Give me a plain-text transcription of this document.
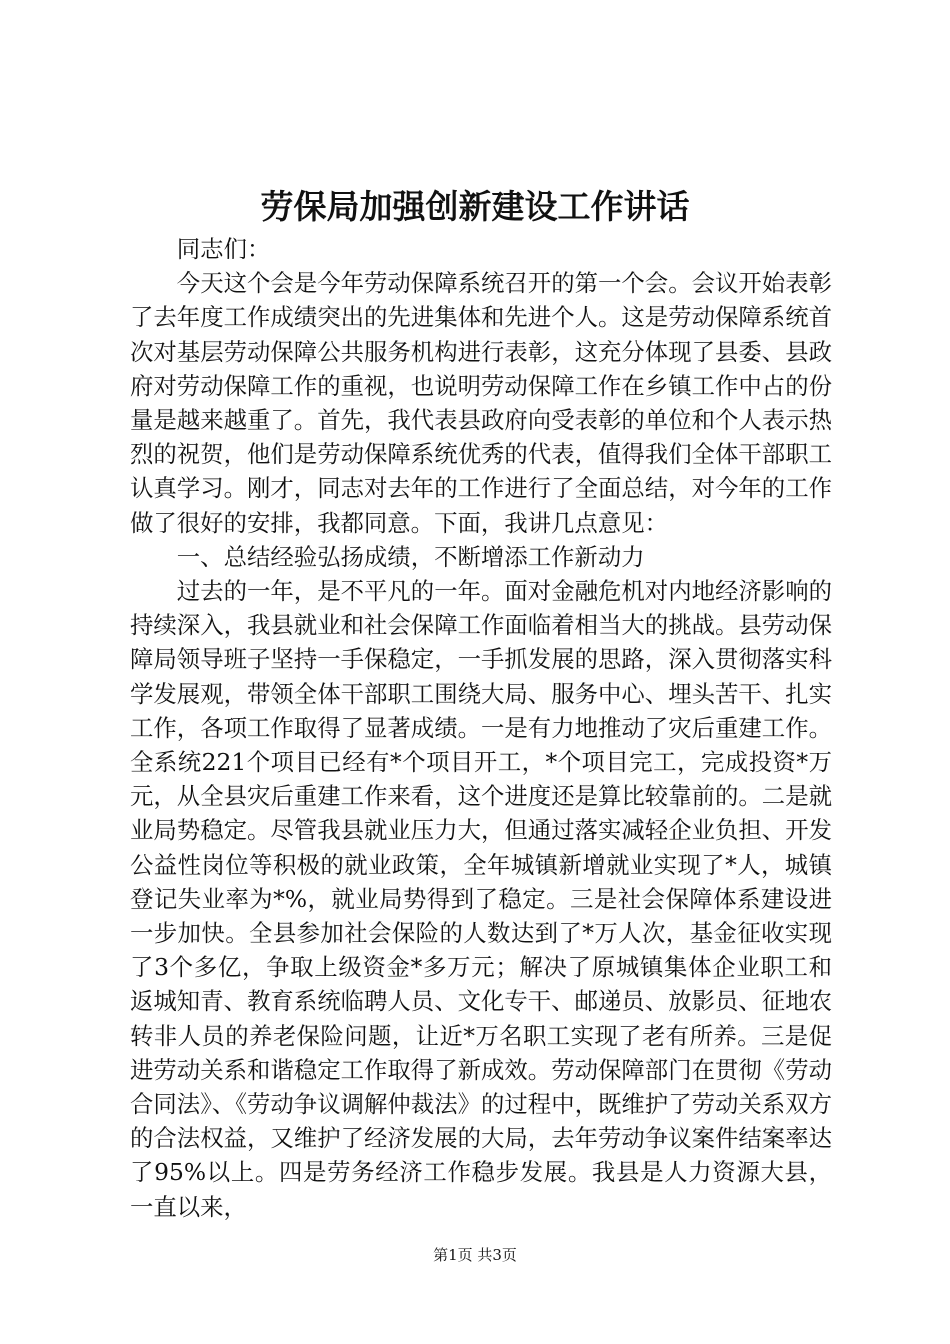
劳保局加强创新建设工作讲话

同志们：

今天这个会是今年劳动保障系统召开的第一个会。会议开始表彰了去年度工作成绩突出的先进集体和先进个人。这是劳动保障系统首次对基层劳动保障公共服务机构进行表彰，这充分体现了县委、县政府对劳动保障工作的重视，也说明劳动保障工作在乡镇工作中占的份量是越来越重了。首先，我代表县政府向受表彰的单位和个人表示热烈的祝贺，他们是劳动保障系统优秀的代表，值得我们全体干部职工认真学习。刚才，同志对去年的工作进行了全面总结，对今年的工作做了很好的安排，我都同意。下面，我讲几点意见：

一、总结经验弘扬成绩，不断增添工作新动力

过去的一年，是不平凡的一年。面对金融危机对内地经济影响的持续深入，我县就业和社会保障工作面临着相当大的挑战。县劳动保障局领导班子坚持一手保稳定，一手抓发展的思路，深入贯彻落实科学发展观，带领全体干部职工围绕大局、服务中心、埋头苦干、扎实工作，各项工作取得了显著成绩。一是有力地推动了灾后重建工作。全系统221个项目已经有*个项目开工，*个项目完工，完成投资*万元，从全县灾后重建工作来看，这个进度还是算比较靠前的。二是就业局势稳定。尽管我县就业压力大，但通过落实减轻企业负担、开发公益性岗位等积极的就业政策，全年城镇新增就业实现了*人，城镇登记失业率为*%，就业局势得到了稳定。三是社会保障体系建设进一步加快。全县参加社会保险的人数达到了*万人次，基金征收实现了3个多亿，争取上级资金*多万元；解决了原城镇集体企业职工和返城知青、教育系统临聘人员、文化专干、邮递员、放影员、征地农转非人员的养老保险问题，让近*万名职工实现了老有所养。三是促进劳动关系和谐稳定工作取得了新成效。劳动保障部门在贯彻《劳动合同法》、《劳动争议调解仲裁法》的过程中，既维护了劳动关系双方的合法权益，又维护了经济发展的大局，去年劳动争议案件结案率达了95%以上。四是劳务经济工作稳步发展。我县是人力资源大县，一直以来，

第1页 共3页
